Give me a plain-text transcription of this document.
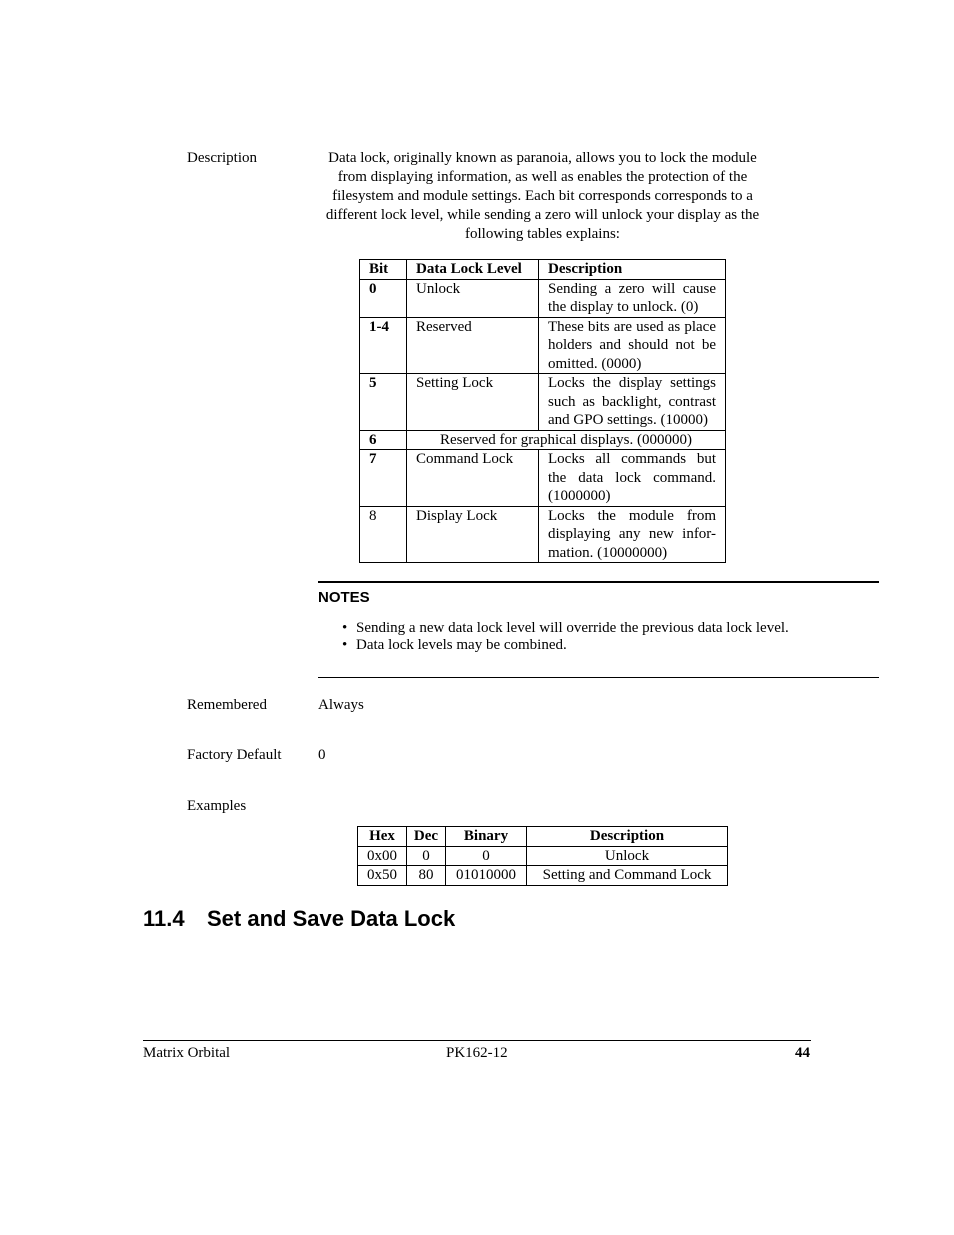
Description	Data lock, originally known as paranoia, allows you to lock the module from displaying information, as well as enables the protection of the filesystem and module settings. Each bit corresponds corresponds to a different lock level, while sending a zero will unlock your display as the following tables explains:
Bit	Data Lock Level	Description
0	Unlock	Sending a zero will cause the display to unlock. (0)
1-4	Reserved	These bits are used as place holders and should not be omitted. (0000)
5	Setting Lock	Locks the display settings such as backlight, contrast and GPO settings. (10000)
6	Reserved for graphical displays. (000000)	
7	Command Lock	Locks all commands but the data lock command. (1000000)
8	Display Lock	Locks the module from displaying any new infor- mation. (10000000)
NOTES
• Sending a new data lock level will override the previous data lock level.
• Data lock levels may be combined.
Remembered	Always
Factory Default 0
Examples
Hex	Dec	Binary	Description
0x00	0	0	Unlock
0x50	80	01010000	Setting and Command Lock
11.4 Set and Save Data Lock
Matrix Orbital	PK162-12	44
